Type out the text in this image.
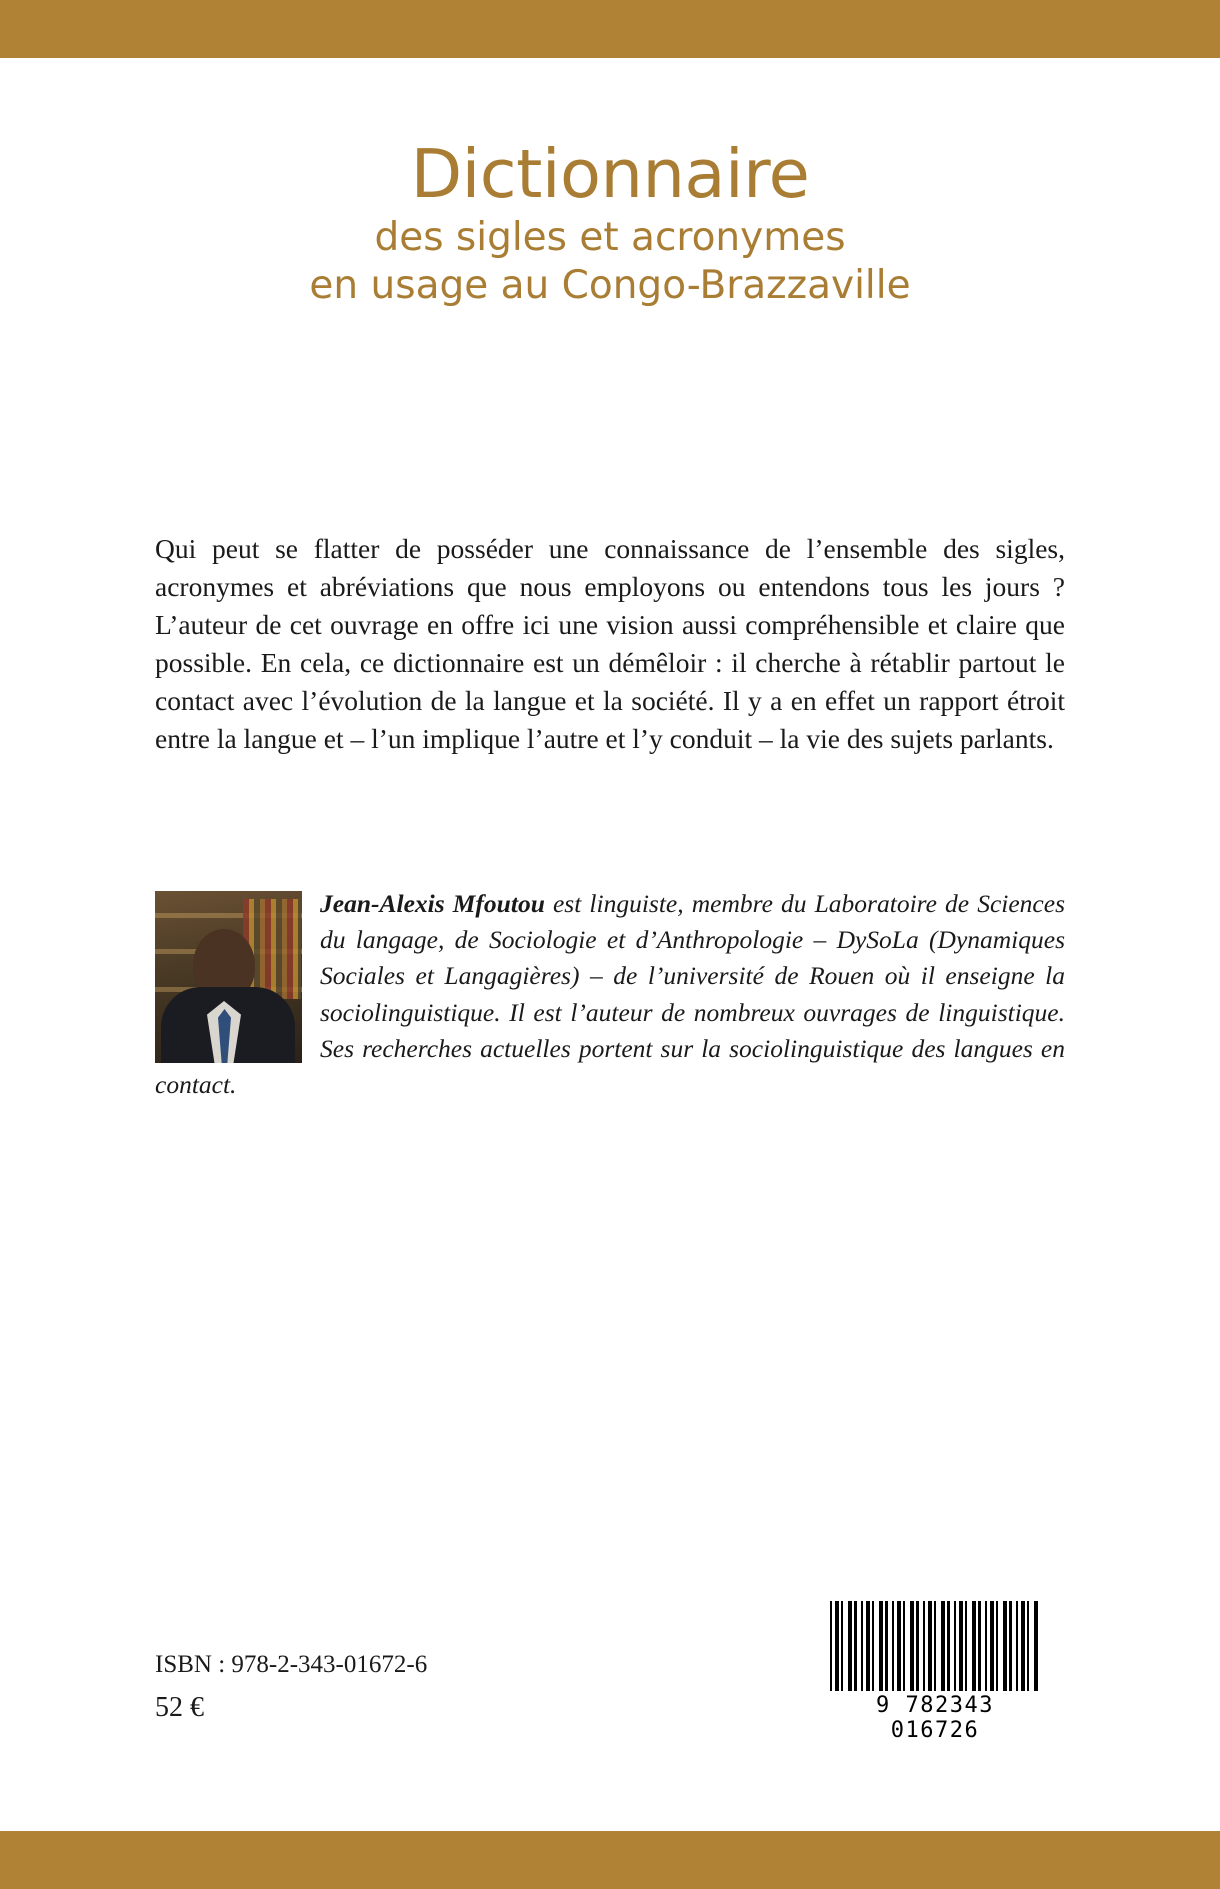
Dictionnaire
des sigles et acronymes
en usage au Congo-Brazzaville
Qui peut se flatter de posséder une connaissance de l’ensemble des sigles, acronymes et abréviations que nous employons ou entendons tous les jours ? L’auteur de cet ouvrage en offre ici une vision aussi compréhensible et claire que possible. En cela, ce dictionnaire est un démêloir : il cherche à rétablir partout le contact avec l’évolution de la langue et la société. Il y a en effet un rapport étroit entre la langue et – l’un implique l’autre et l’y conduit – la vie des sujets parlants.
Jean-Alexis Mfoutou est linguiste, membre du Laboratoire de Sciences du langage, de Sociologie et d’Anthropologie – DySoLa (Dynamiques Sociales et Langagières) – de l’université de Rouen où il enseigne la sociolinguistique. Il est l’auteur de nombreux ouvrages de linguistique. Ses recherches actuelles portent sur la sociolinguistique des langues en contact.
ISBN : 978-2-343-01672-6
52 €	9 782343 016726
